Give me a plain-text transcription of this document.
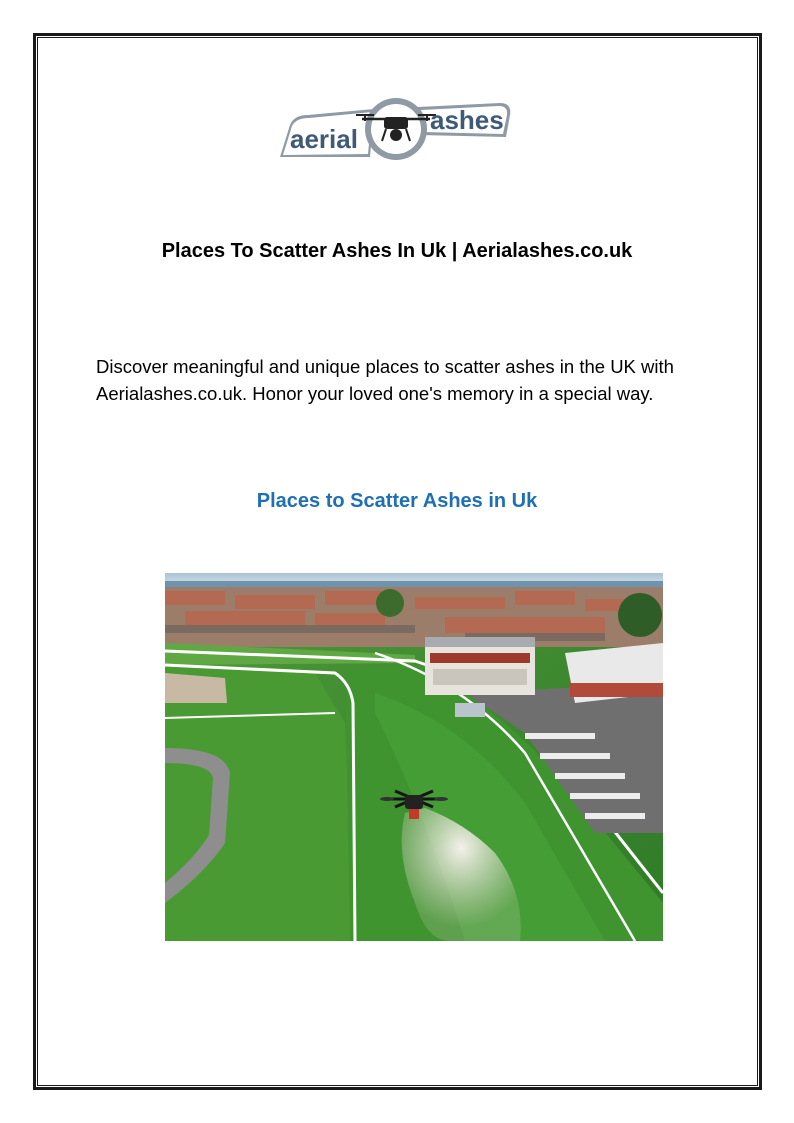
aerial
ashes
Places To Scatter Ashes In Uk | Aerialashes.co.uk

Discover meaningful and unique places to scatter ashes in the UK with Aerialashes.co.uk. Honor your loved one's memory in a special way.

Places to Scatter Ashes in Uk
